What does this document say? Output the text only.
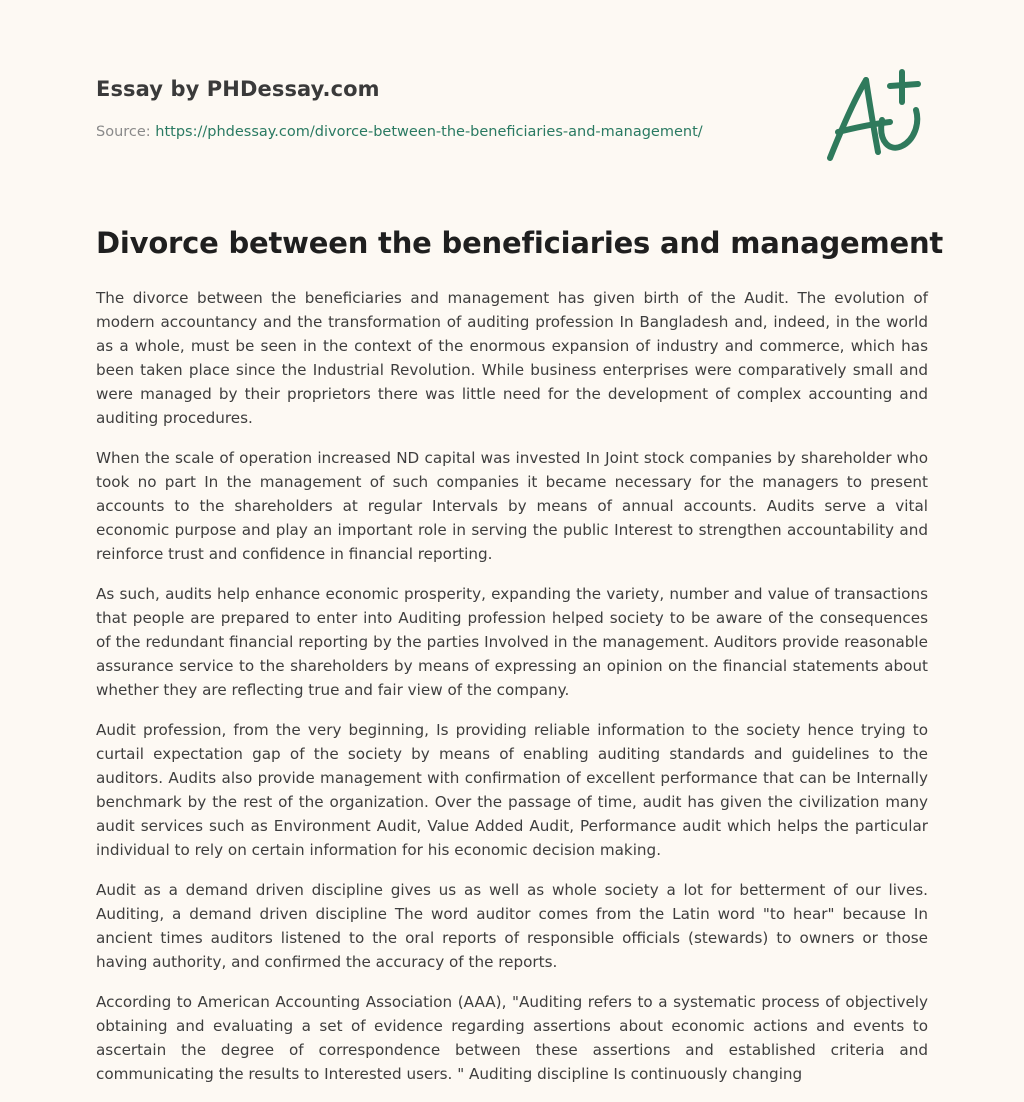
Essay by PHDessay.com
Source: https://phdessay.com/divorce-between-the-beneficiaries-and-management/
Divorce between the beneficiaries and management

The divorce between the beneficiaries and management has given birth of the Audit. The evolution of modern accountancy and the transformation of auditing profession In Bangladesh and, indeed, in the world as a whole, must be seen in the context of the enormous expansion of industry and commerce, which has been taken place since the Industrial Revolution. While business enterprises were comparatively small and were managed by their proprietors there was little need for the development of complex accounting and auditing procedures.

When the scale of operation increased ND capital was invested In Joint stock companies by shareholder who took no part In the management of such companies it became necessary for the managers to present accounts to the shareholders at regular Intervals by means of annual accounts. Audits serve a vital economic purpose and play an important role in serving the public Interest to strengthen accountability and reinforce trust and confidence in financial reporting.

As such, audits help enhance economic prosperity, expanding the variety, number and value of transactions that people are prepared to enter into Auditing profession helped society to be aware of the consequences of the redundant financial reporting by the parties Involved in the management. Auditors provide reasonable assurance service to the shareholders by means of expressing an opinion on the financial statements about whether they are reflecting true and fair view of the company.

Audit profession, from the very beginning, Is providing reliable information to the society hence trying to curtail expectation gap of the society by means of enabling auditing standards and guidelines to the auditors. Audits also provide management with confirmation of excellent performance that can be Internally benchmark by the rest of the organization. Over the passage of time, audit has given the civilization many audit services such as Environment Audit, Value Added Audit, Performance audit which helps the particular individual to rely on certain information for his economic decision making.

Audit as a demand driven discipline gives us as well as whole society a lot for betterment of our lives. Auditing, a demand driven discipline The word auditor comes from the Latin word "to hear" because In ancient times auditors listened to the oral reports of responsible officials (stewards) to owners or those having authority, and confirmed the accuracy of the reports.

According to American Accounting Association (AAA), "Auditing refers to a systematic process of objectively obtaining and evaluating a set of evidence regarding assertions about economic actions and events to ascertain the degree of correspondence between these assertions and established criteria and communicating the results to Interested users. " Auditing discipline Is continuously changing
